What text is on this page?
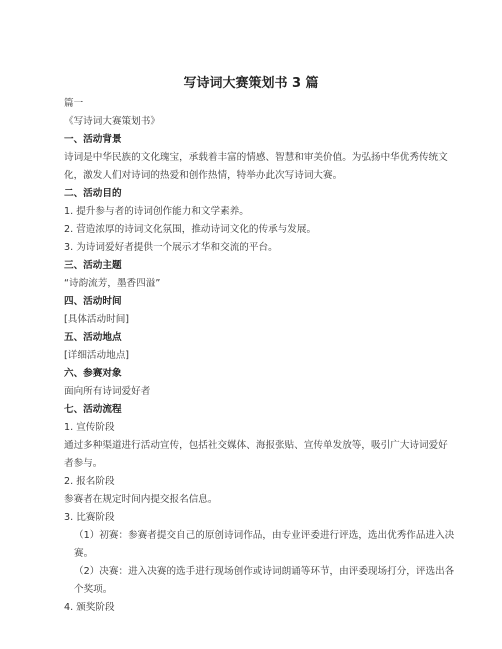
写诗词大赛策划书 3 篇
篇一
《写诗词大赛策划书》
一、活动背景
诗词是中华民族的文化瑰宝，承载着丰富的情感、智慧和审美价值。为弘扬中华优秀传统文化，激发人们对诗词的热爱和创作热情，特举办此次写诗词大赛。
二、活动目的
1. 提升参与者的诗词创作能力和文学素养。
2. 营造浓厚的诗词文化氛围，推动诗词文化的传承与发展。
3. 为诗词爱好者提供一个展示才华和交流的平台。
三、活动主题
“诗韵流芳，墨香四溢”
四、活动时间
[具体活动时间]
五、活动地点
[详细活动地点]
六、参赛对象
面向所有诗词爱好者
七、活动流程
1. 宣传阶段
通过多种渠道进行活动宣传，包括社交媒体、海报张贴、宣传单发放等，吸引广大诗词爱好者参与。
2. 报名阶段
参赛者在规定时间内提交报名信息。
3. 比赛阶段
（1）初赛：参赛者提交自己的原创诗词作品，由专业评委进行评选，选出优秀作品进入决赛。
（2）决赛：进入决赛的选手进行现场创作或诗词朗诵等环节，由评委现场打分，评选出各个奖项。
4. 颁奖阶段
